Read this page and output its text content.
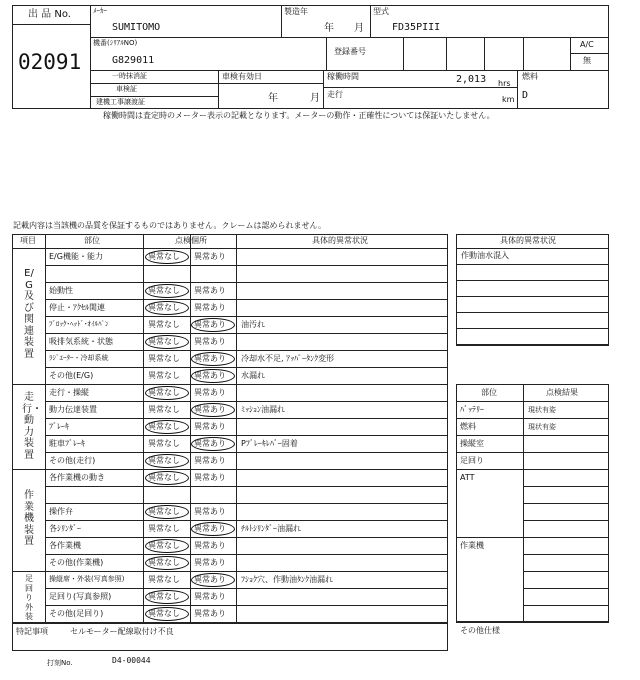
出 品 No.
02091
ﾒｰｶｰ
SUMITOMO
製造年
年 月
型式
FD35PIII
機番(ｼﾘｱﾙNO)
G829011
登録番号
A/C
無
一時抹消証
車検証
建機工事譲渡証
車検有効日
年	月
稼働時間	2,013 hrs
走行
km
燃料
D
稼働時間は査定時のメーター表示の記載となります。メーターの動作・正確性については保証いたしません。
記載内容は当該機の品質を保証するものではありません。クレームは認められません。
項目	部位	点検個所	具体的異常状況
E/G及び関連装置
走行・動力装置
作業機装置
足回り外装
E/G機能・能力	異常なし 異常あり
始動性	異常なし 異常あり
停止・ｱｸｾﾙ関連	異常なし 異常あり
ﾌﾞﾛｯｸ･ﾍｯﾄﾞ･ｵｲﾙﾊﾟﾝ	異常なし 異常あり 油汚れ
吸排気系統・状態	異常なし 異常あり
ﾗｼﾞｴｰﾀｰ・冷却系統	異常なし 異常あり 冷却水不足, ｱｯﾊﾟｰﾀﾝｸ変形
その他(E/G)	異常なし 異常あり 水漏れ
走行・操縦	異常なし 異常あり
動力伝達装置	異常なし 異常あり ﾐｯｼｮﾝ油漏れ
ﾌﾞﾚｰｷ	異常なし 異常あり
駐車ﾌﾞﾚｰｷ	異常なし 異常あり Pﾌﾞﾚｰｷﾚﾊﾞｰ固着
その他(走行)	異常なし 異常あり
各作業機の動き	異常なし 異常あり
操作弁	異常なし 異常あり
各ｼﾘﾝﾀﾞｰ	異常なし 異常あり ﾁﾙﾄｼﾘﾝﾀﾞｰ油漏れ
各作業機	異常なし 異常あり
その他(作業機)	異常なし 異常あり
操縦席・外装(写真参照)	異常なし 異常あり ﾌｼｮｸ穴、作動油ﾀﾝｸ油漏れ
足回り(写真参照)	異常なし 異常あり
その他(足回り)	異常なし 異常あり
特記事項	セルモーター配線取付け不良
打刻No.	D4-00044
具体的異常状況
作動油水混入
部位	点検結果
ﾊﾞｯﾃﾘｰ	現状有姿
燃料	現状有姿
操縦室
足回り
ATT
作業機
その他仕様
